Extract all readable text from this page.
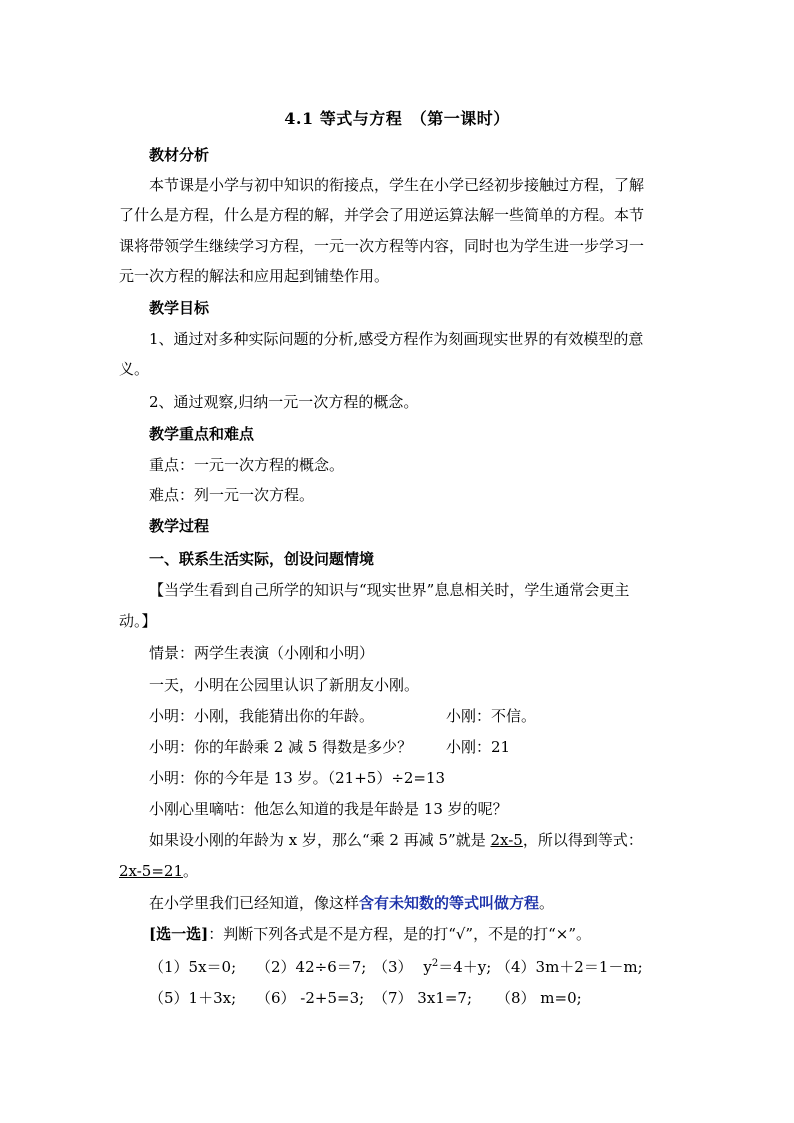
4.1 等式与方程　（第一课时）
教材分析
本节课是小学与初中知识的衔接点，学生在小学已经初步接触过方程，了解
了什么是方程，什么是方程的解，并学会了用逆运算法解一些简单的方程。本节
课将带领学生继续学习方程，一元一次方程等内容，同时也为学生进一步学习一
元一次方程的解法和应用起到铺垫作用。
教学目标
1、通过对多种实际问题的分析,感受方程作为刻画现实世界的有效模型的意
义。
2、通过观察,归纳一元一次方程的概念。
教学重点和难点
重点：一元一次方程的概念。
难点：列一元一次方程。
教学过程
一、联系生活实际，创设问题情境
【当学生看到自己所学的知识与“现实世界”息息相关时，学生通常会更主
动。】
情景：两学生表演（小刚和小明）
一天，小明在公园里认识了新朋友小刚。
小明：小刚，我能猜出你的年龄。	小刚：不信。
小明：你的年龄乘 2 减 5 得数是多少？ 小刚：21
小明：你的今年是 13 岁。（21+5）÷2=13
小刚心里嘀咕：他怎么知道的我是年龄是 13 岁的呢？
如果设小刚的年龄为 x 岁，那么“乘 2 再减 5”就是 2x-5，所以得到等式：
2x-5=21。
在小学里我们已经知道，像这样含有未知数的等式叫做方程。
[选一选]：判断下列各式是不是方程，是的打“√”，不是的打“×”。
（1）5x＝0; （2）42÷6＝7; （3） $y^2=4+y$; （4）3m＋2＝1－m;
（5）1＋3x; （6） -2+5=3; （7） 3x1=7; （8） m=0;
